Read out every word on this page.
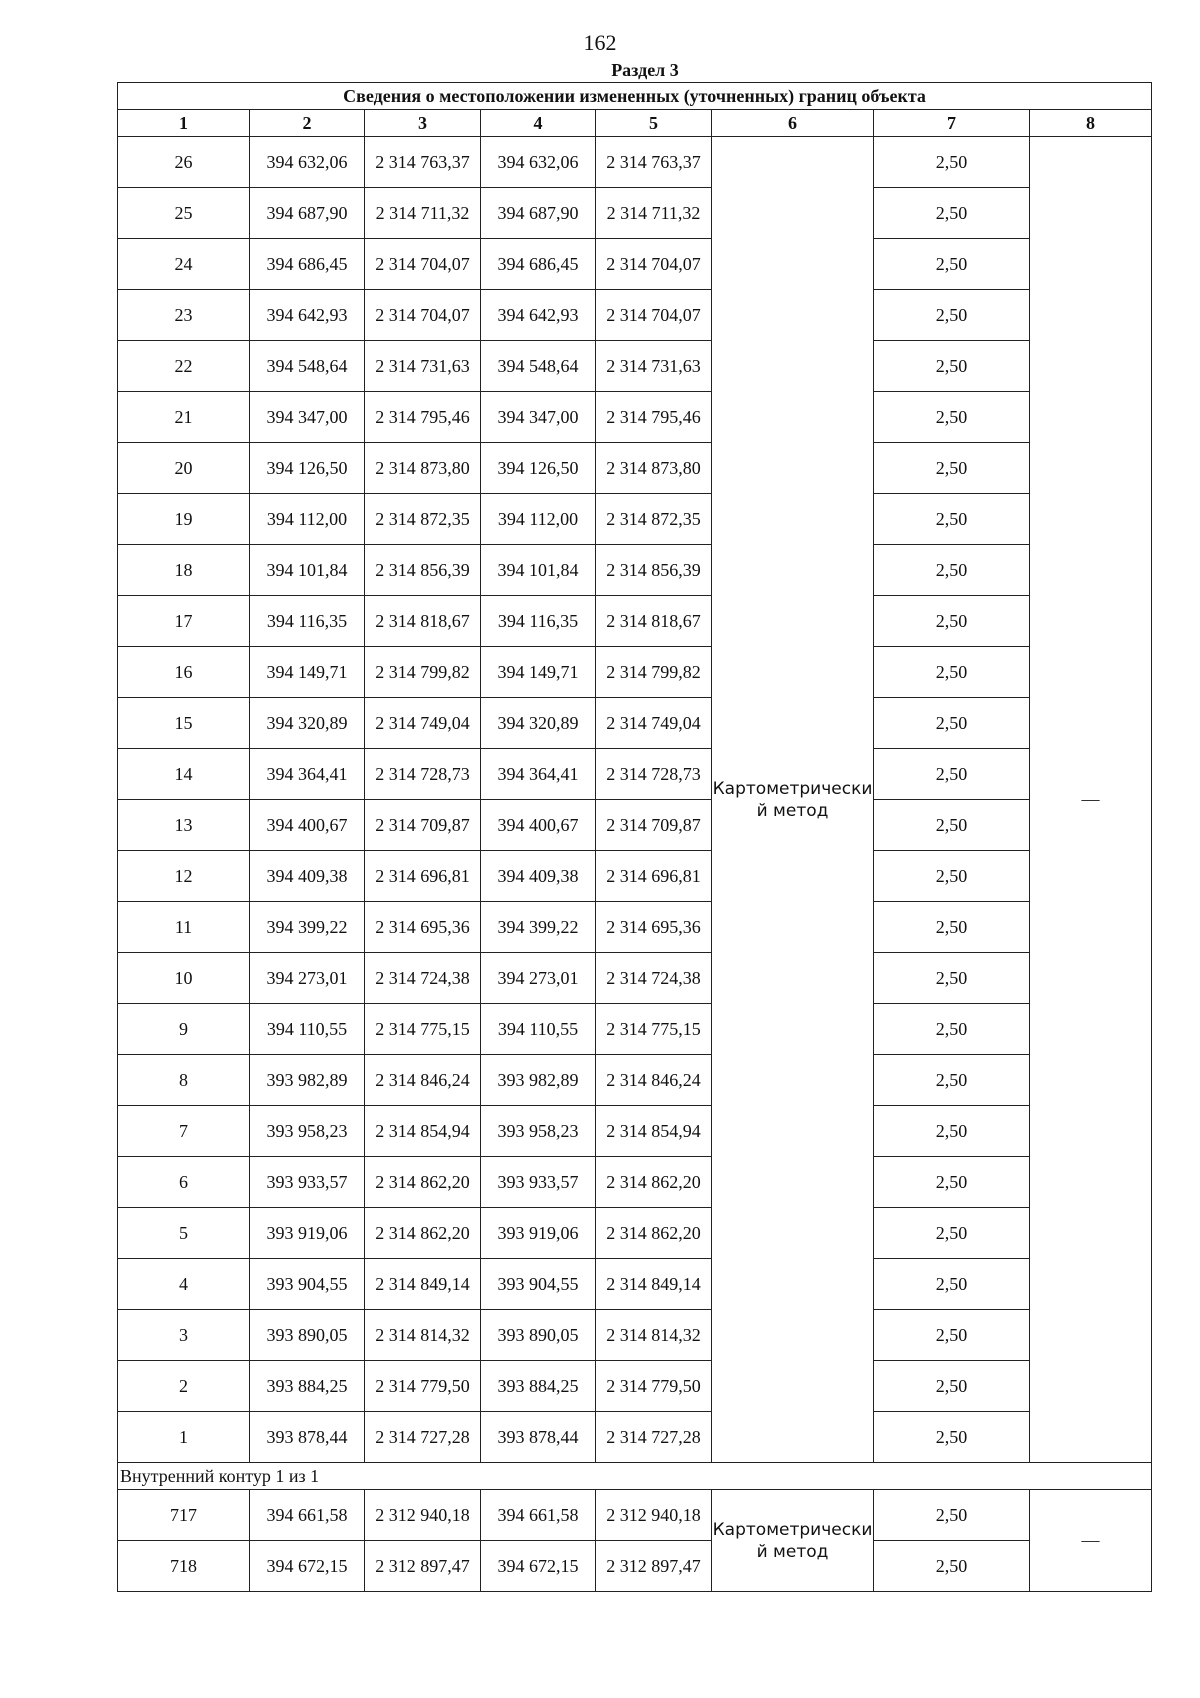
162
Раздел 3
Сведения о местоположении измененных (уточненных) границ объекта							
1	2	3	4	5	6	7	8
26	394 632,06	2 314 763,37	394 632,06	2 314 763,37	Картометрически й метод	2,50	—
25	394 687,90	2 314 711,32	394 687,90	2 314 711,32		2,50	
24	394 686,45	2 314 704,07	394 686,45	2 314 704,07		2,50	
23	394 642,93	2 314 704,07	394 642,93	2 314 704,07		2,50	
22	394 548,64	2 314 731,63	394 548,64	2 314 731,63		2,50	
21	394 347,00	2 314 795,46	394 347,00	2 314 795,46		2,50	
20	394 126,50	2 314 873,80	394 126,50	2 314 873,80		2,50	
19	394 112,00	2 314 872,35	394 112,00	2 314 872,35		2,50	
18	394 101,84	2 314 856,39	394 101,84	2 314 856,39		2,50	
17	394 116,35	2 314 818,67	394 116,35	2 314 818,67		2,50	
16	394 149,71	2 314 799,82	394 149,71	2 314 799,82		2,50	
15	394 320,89	2 314 749,04	394 320,89	2 314 749,04		2,50	
14	394 364,41	2 314 728,73	394 364,41	2 314 728,73		2,50	
13	394 400,67	2 314 709,87	394 400,67	2 314 709,87		2,50	
12	394 409,38	2 314 696,81	394 409,38	2 314 696,81		2,50	
11	394 399,22	2 314 695,36	394 399,22	2 314 695,36		2,50	
10	394 273,01	2 314 724,38	394 273,01	2 314 724,38		2,50	
9	394 110,55	2 314 775,15	394 110,55	2 314 775,15		2,50	
8	393 982,89	2 314 846,24	393 982,89	2 314 846,24		2,50	
7	393 958,23	2 314 854,94	393 958,23	2 314 854,94		2,50	
6	393 933,57	2 314 862,20	393 933,57	2 314 862,20		2,50	
5	393 919,06	2 314 862,20	393 919,06	2 314 862,20		2,50	
4	393 904,55	2 314 849,14	393 904,55	2 314 849,14		2,50	
3	393 890,05	2 314 814,32	393 890,05	2 314 814,32		2,50	
2	393 884,25	2 314 779,50	393 884,25	2 314 779,50		2,50	
1	393 878,44	2 314 727,28	393 878,44	2 314 727,28		2,50	
Внутренний контур 1 из 1							
717	394 661,58	2 312 940,18	394 661,58	2 312 940,18	Картометрически й метод	2,50	—
718	394 672,15	2 312 897,47	394 672,15	2 312 897,47		2,50	
